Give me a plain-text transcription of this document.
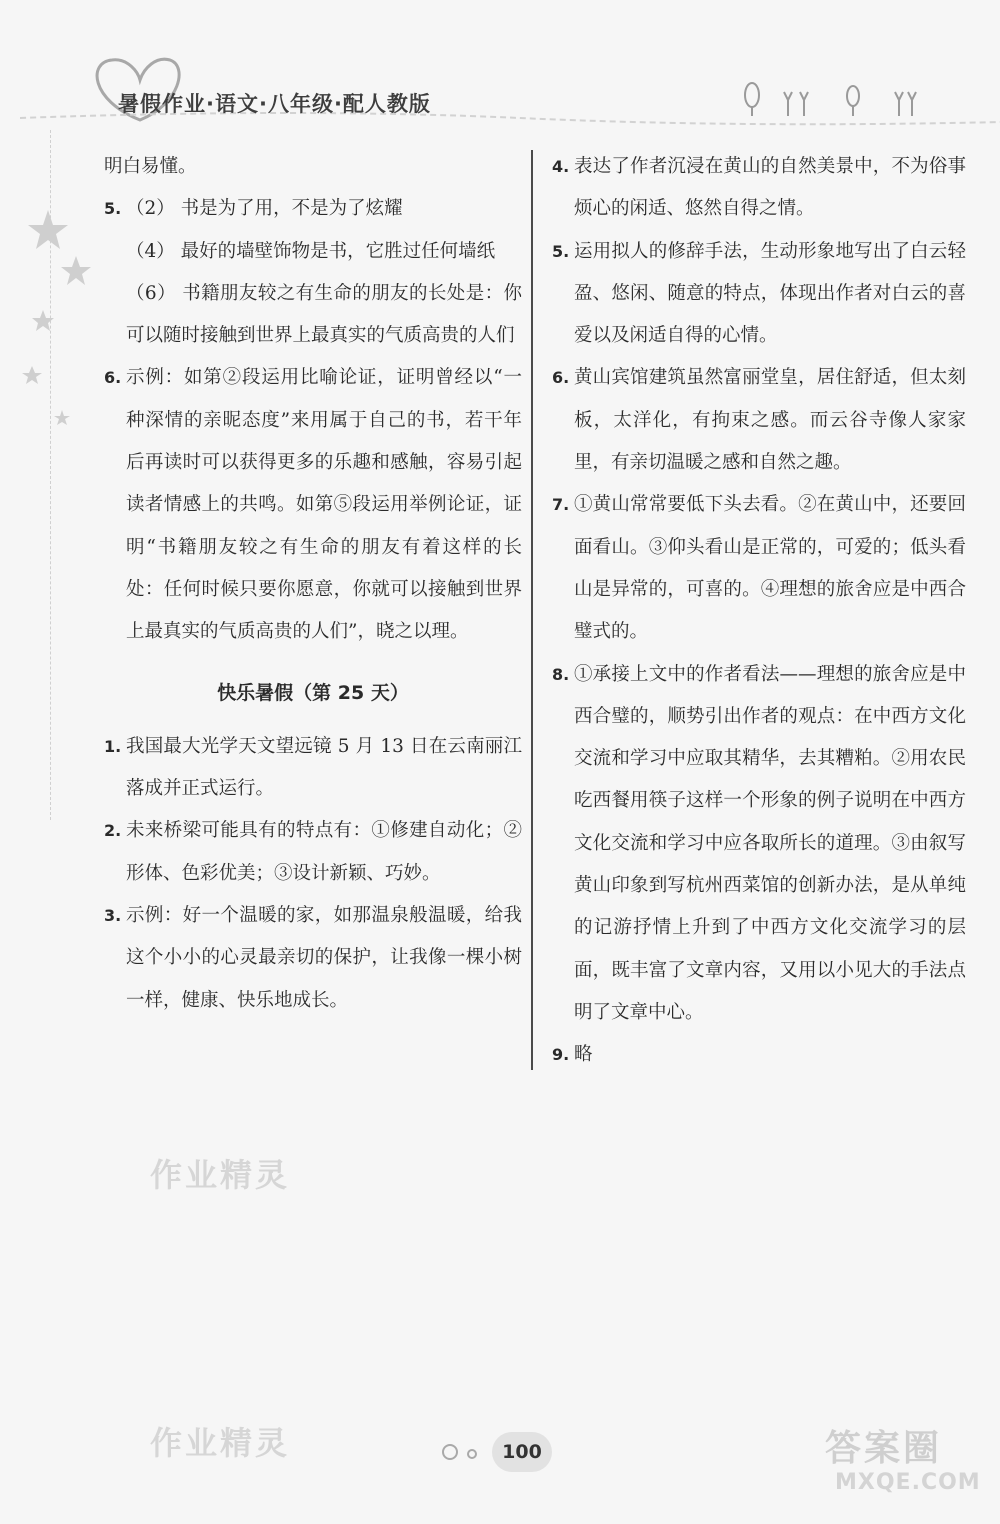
暑假作业·语文·八年级·配人教版
明白易懂。
5. （2） 书是为了用，不是为了炫耀
（4） 最好的墙壁饰物是书，它胜过任何墙纸
（6） 书籍朋友较之有生命的朋友的长处是：你可以随时接触到世界上最真实的气质高贵的人们
6. 示例：如第②段运用比喻论证，证明曾经以“一种深情的亲昵态度”来用属于自己的书，若干年后再读时可以获得更多的乐趣和感触，容易引起读者情感上的共鸣。如第⑤段运用举例论证，证明“书籍朋友较之有生命的朋友有着这样的长处：任何时候只要你愿意，你就可以接触到世界上最真实的气质高贵的人们”，晓之以理。
快乐暑假（第 25 天）
1. 我国最大光学天文望远镜 5 月 13 日在云南丽江落成并正式运行。
2. 未来桥梁可能具有的特点有：①修建自动化；②形体、色彩优美；③设计新颖、巧妙。
3. 示例：好一个温暖的家，如那温泉般温暖，给我这个小小的心灵最亲切的保护，让我像一棵小树一样，健康、快乐地成长。
4. 表达了作者沉浸在黄山的自然美景中，不为俗事烦心的闲适、悠然自得之情。
5. 运用拟人的修辞手法，生动形象地写出了白云轻盈、悠闲、随意的特点，体现出作者对白云的喜爱以及闲适自得的心情。
6. 黄山宾馆建筑虽然富丽堂皇，居住舒适，但太刻板，太洋化，有拘束之感。而云谷寺像人家家里，有亲切温暖之感和自然之趣。
7. ①黄山常常要低下头去看。②在黄山中，还要回面看山。③仰头看山是正常的，可爱的；低头看山是异常的，可喜的。④理想的旅舍应是中西合璧式的。
8. ①承接上文中的作者看法——理想的旅舍应是中西合璧的，顺势引出作者的观点：在中西方文化交流和学习中应取其精华，去其糟粕。②用农民吃西餐用筷子这样一个形象的例子说明在中西方文化交流和学习中应各取所长的道理。③由叙写黄山印象到写杭州西菜馆的创新办法，是从单纯的记游抒情上升到了中西方文化交流学习的层面，既丰富了文章内容，又用以小见大的手法点明了文章中心。
9. 略
作业精灵
作业精灵	答案圈
MXQE.COM
100
